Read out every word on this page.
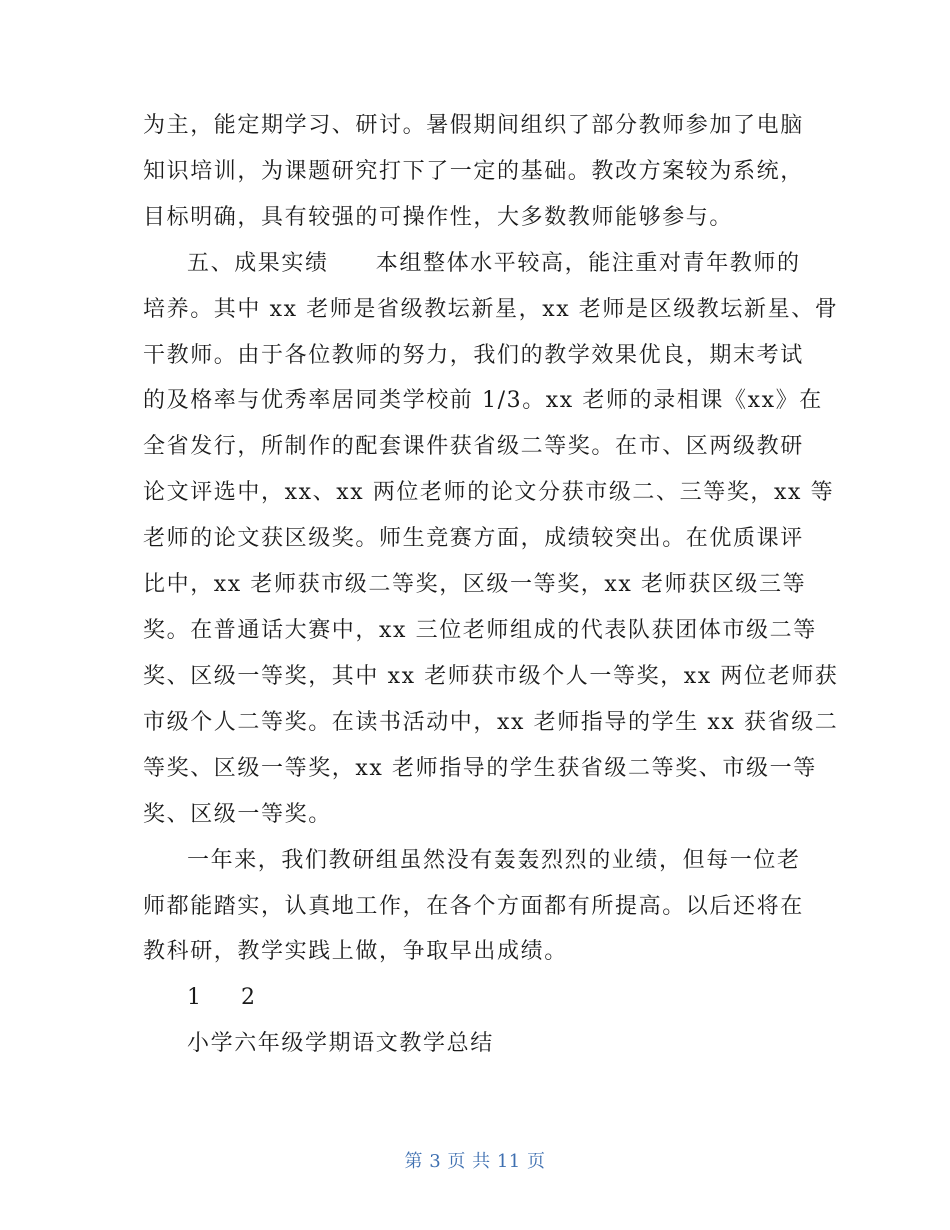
为主，能定期学习、研讨。暑假期间组织了部分教师参加了电脑
知识培训，为课题研究打下了一定的基础。教改方案较为系统，
目标明确，具有较强的可操作性，大多数教师能够参与。
五、成果实绩　　本组整体水平较高，能注重对青年教师的
培养。其中 xx 老师是省级教坛新星，xx 老师是区级教坛新星、骨
干教师。由于各位教师的努力，我们的教学效果优良，期末考试
的及格率与优秀率居同类学校前 1/3。xx 老师的录相课《xx》在
全省发行，所制作的配套课件获省级二等奖。在市、区两级教研
论文评选中，xx、xx 两位老师的论文分获市级二、三等奖，xx 等
老师的论文获区级奖。师生竞赛方面，成绩较突出。在优质课评
比中，xx 老师获市级二等奖，区级一等奖，xx 老师获区级三等
奖。在普通话大赛中，xx 三位老师组成的代表队获团体市级二等
奖、区级一等奖，其中 xx 老师获市级个人一等奖，xx 两位老师获
市级个人二等奖。在读书活动中，xx 老师指导的学生 xx 获省级二
等奖、区级一等奖，xx 老师指导的学生获省级二等奖、市级一等
奖、区级一等奖。
一年来，我们教研组虽然没有轰轰烈烈的业绩，但每一位老
师都能踏实，认真地工作，在各个方面都有所提高。以后还将在
教科研，教学实践上做，争取早出成绩。
1 2
小学六年级学期语文教学总结
第 3 页 共 11 页
